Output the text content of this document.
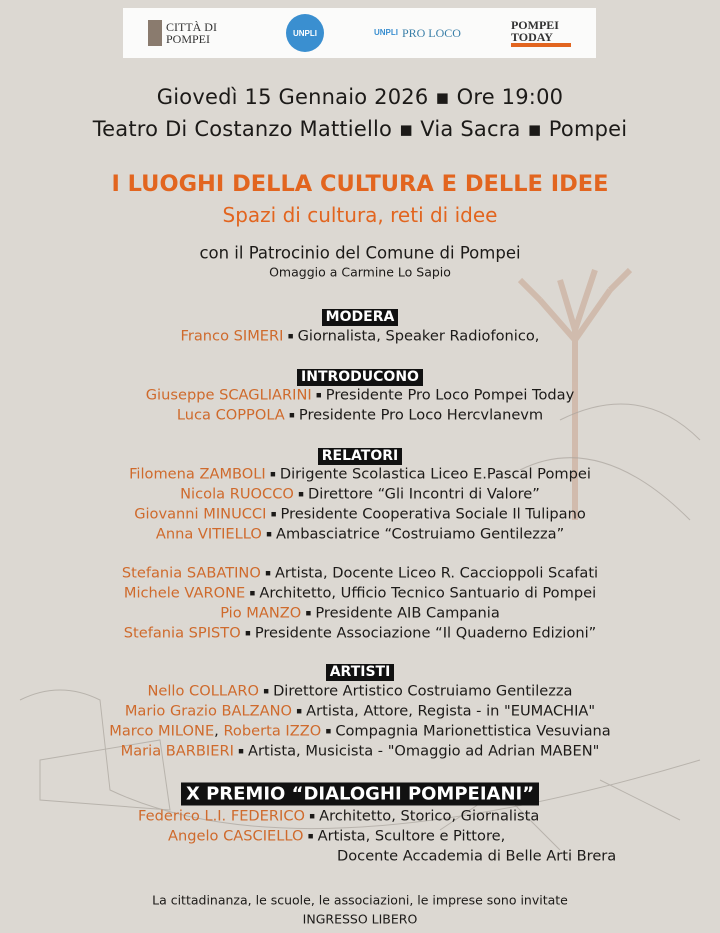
CITTÀ DI POMPEI	UNPLI	UNPLI PRO LOCO
POMPEI TODAY
Giovedì 15 Gennaio 2026 ▪ Ore 19:00
Teatro Di Costanzo Mattiello ▪ Via Sacra ▪ Pompei
I LUOGHI DELLA CULTURA E DELLE IDEE
Spazi di cultura, reti di idee
con il Patrocinio del Comune di Pompei
Omaggio a Carmine Lo Sapio
MODERA
Franco SIMERI ▪ Giornalista, Speaker Radiofonico,
INTRODUCONO
Giuseppe SCAGLIARINI ▪ Presidente Pro Loco Pompei Today
Luca COPPOLA ▪ Presidente Pro Loco Hercvlanevm
RELATORI
Filomena ZAMBOLI ▪ Dirigente Scolastica Liceo E.Pascal Pompei
Nicola RUOCCO ▪ Direttore “Gli Incontri di Valore”
Giovanni MINUCCI ▪ Presidente Cooperativa Sociale Il Tulipano
Anna VITIELLO ▪ Ambasciatrice “Costruiamo Gentilezza”
Stefania SABATINO ▪ Artista, Docente Liceo R. Caccioppoli Scafati
Michele VARONE ▪ Architetto, Ufficio Tecnico Santuario di Pompei
Pio MANZO ▪ Presidente AIB Campania
Stefania SPISTO ▪ Presidente Associazione “Il Quaderno Edizioni”
ARTISTI
Nello COLLARO ▪ Direttore Artistico Costruiamo Gentilezza
Mario Grazio BALZANO ▪ Artista, Attore, Regista - in "EUMACHIA"
Marco MILONE, Roberta IZZO ▪ Compagnia Marionettistica Vesuviana
Maria BARBIERI ▪ Artista, Musicista - "Omaggio ad Adrian MABEN"
X PREMIO “DIALOGHI POMPEIANI”
Federico L.I. FEDERICO ▪ Architetto, Storico, Giornalista
Angelo CASCIELLO ▪ Artista, Scultore e Pittore,
Docente Accademia di Belle Arti Brera
La cittadinanza, le scuole, le associazioni, le imprese sono invitate
INGRESSO LIBERO
